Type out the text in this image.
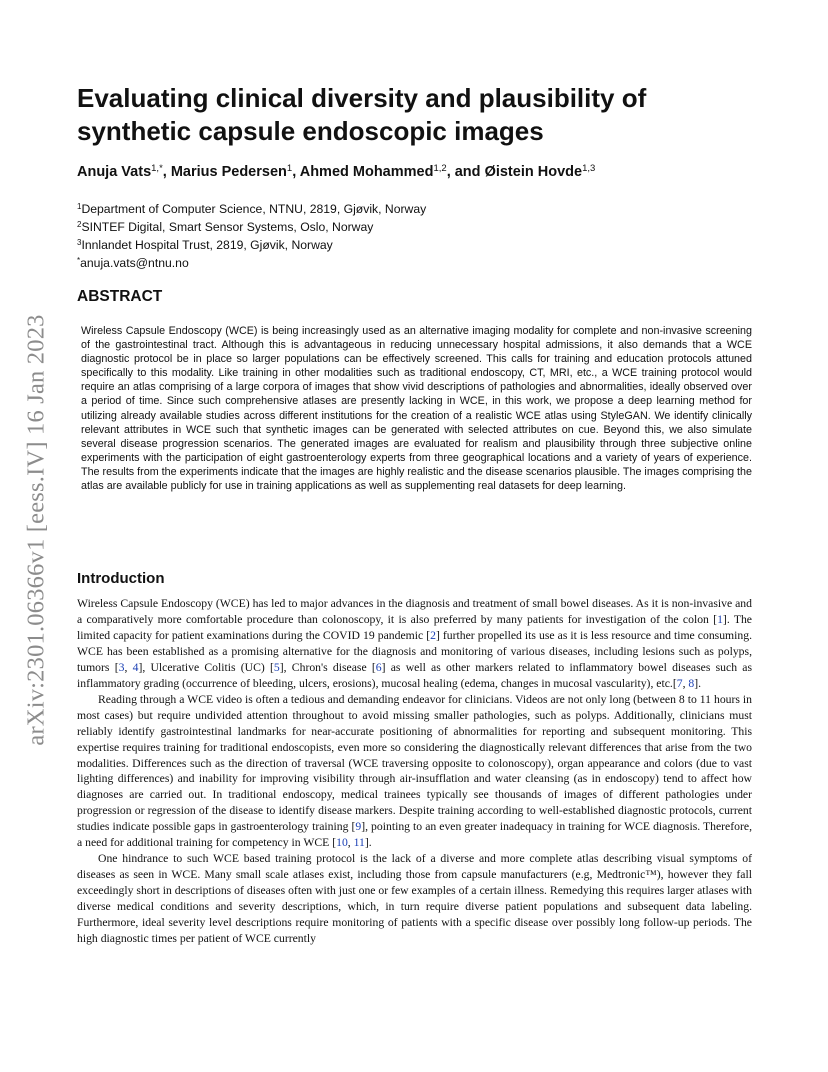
arXiv:2301.06366v1 [eess.IV] 16 Jan 2023
Evaluating clinical diversity and plausibility of synthetic capsule endoscopic images
Anuja Vats$^{1,*}$, Marius Pedersen$^1$, Ahmed Mohammed$^{1,2}$, and Øistein Hovde$^{1,3}$
$^1$Department of Computer Science, NTNU, 2819, Gjøvik, Norway
$^2$SINTEF Digital, Smart Sensor Systems, Oslo, Norway
$^3$Innlandet Hospital Trust, 2819, Gjøvik, Norway
*anuja.vats@ntnu.no
ABSTRACT

Wireless Capsule Endoscopy (WCE) is being increasingly used as an alternative imaging modality for complete and non-invasive screening of the gastrointestinal tract. Although this is advantageous in reducing unnecessary hospital admissions, it also demands that a WCE diagnostic protocol be in place so larger populations can be effectively screened. This calls for training and education protocols attuned specifically to this modality. Like training in other modalities such as traditional endoscopy, CT, MRI, etc., a WCE training protocol would require an atlas comprising of a large corpora of images that show vivid descriptions of pathologies and abnormalities, ideally observed over a period of time. Since such comprehensive atlases are presently lacking in WCE, in this work, we propose a deep learning method for utilizing already available studies across different institutions for the creation of a realistic WCE atlas using StyleGAN. We identify clinically relevant attributes in WCE such that synthetic images can be generated with selected attributes on cue. Beyond this, we also simulate several disease progression scenarios. The generated images are evaluated for realism and plausibility through three subjective online experiments with the participation of eight gastroenterology experts from three geographical locations and a variety of years of experience. The results from the experiments indicate that the images are highly realistic and the disease scenarios plausible. The images comprising the atlas are available publicly for use in training applications as well as supplementing real datasets for deep learning.

Introduction

Wireless Capsule Endoscopy (WCE) has led to major advances in the diagnosis and treatment of small bowel diseases. As it is non-invasive and a comparatively more comfortable procedure than colonoscopy, it is also preferred by many patients for investigation of the colon [1]. The limited capacity for patient examinations during the COVID 19 pandemic [2] further propelled its use as it is less resource and time consuming. WCE has been established as a promising alternative for the diagnosis and monitoring of various diseases, including lesions such as polyps, tumors [3, 4], Ulcerative Colitis (UC) [5], Chron's disease [6] as well as other markers related to inflammatory bowel diseases such as inflammatory grading (occurrence of bleeding, ulcers, erosions), mucosal healing (edema, changes in mucosal vascularity), etc.[7, 8].

Reading through a WCE video is often a tedious and demanding endeavor for clinicians. Videos are not only long (between 8 to 11 hours in most cases) but require undivided attention throughout to avoid missing smaller pathologies, such as polyps. Additionally, clinicians must reliably identify gastrointestinal landmarks for near-accurate positioning of abnormalities for reporting and subsequent monitoring. This expertise requires training for traditional endoscopists, even more so considering the diagnostically relevant differences that arise from the two modalities. Differences such as the direction of traversal (WCE traversing opposite to colonoscopy), organ appearance and colors (due to vast lighting differences) and inability for improving visibility through air-insufflation and water cleansing (as in endoscopy) tend to affect how diagnoses are carried out. In traditional endoscopy, medical trainees typically see thousands of images of different pathologies under progression or regression of the disease to identify disease markers. Despite training according to well-established diagnostic protocols, current studies indicate possible gaps in gastroenterology training [9], pointing to an even greater inadequacy in training for WCE diagnosis. Therefore, a need for additional training for competency in WCE [10, 11].

One hindrance to such WCE based training protocol is the lack of a diverse and more complete atlas describing visual symptoms of diseases as seen in WCE. Many small scale atlases exist, including those from capsule manufacturers (e.g, Medtronic™), however they fall exceedingly short in descriptions of diseases often with just one or few examples of a certain illness. Remedying this requires larger atlases with diverse medical conditions and severity descriptions, which, in turn require diverse patient populations and subsequent data labeling. Furthermore, ideal severity level descriptions require monitoring of patients with a specific disease over possibly long follow-up periods. The high diagnostic times per patient of WCE currently
